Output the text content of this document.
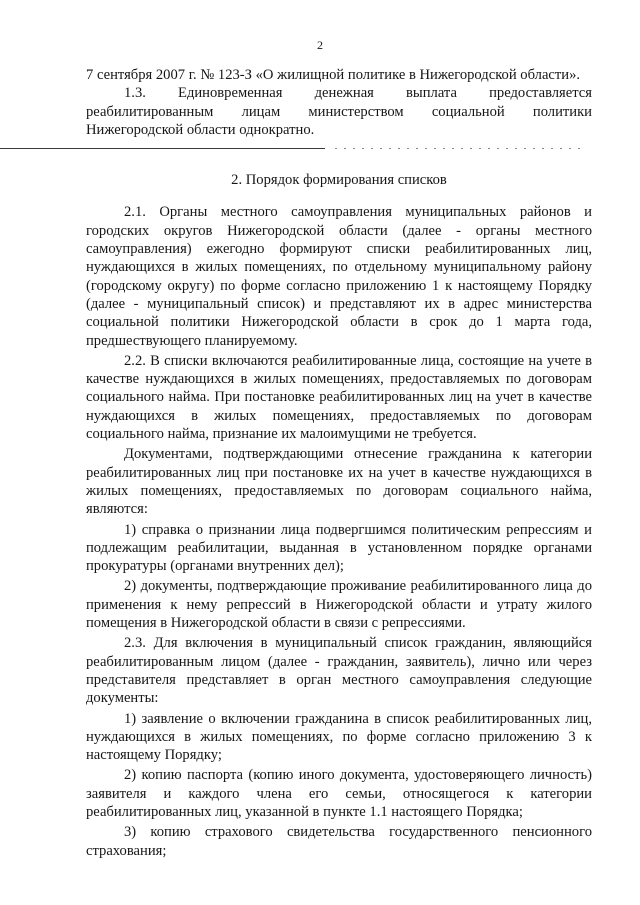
2

7 сентября 2007 г. № 123-З «О жилищной политике в Нижегородской области».

1.3. Единовременная денежная выплата предоставляется реабилитированным лицам министерством социальной политики Нижегородской области однократно.

2. Порядок формирования списков

2.1. Органы местного самоуправления муниципальных районов и городских округов Нижегородской области (далее - органы местного самоуправления) ежегодно формируют списки реабилитированных лиц, нуждающихся в жилых помещениях, по отдельному муниципальному району (городскому округу) по форме согласно приложению 1 к настоящему Порядку (далее - муниципальный список) и представляют их в адрес министерства социальной политики Нижегородской области в срок до 1 марта года, предшествующего планируемому.

2.2. В списки включаются реабилитированные лица, состоящие на учете в качестве нуждающихся в жилых помещениях, предоставляемых по договорам социального найма. При постановке реабилитированных лиц на учет в качестве нуждающихся в жилых помещениях, предоставляемых по договорам социального найма, признание их малоимущими не требуется.

Документами, подтверждающими отнесение гражданина к категории реабилитированных лиц при постановке их на учет в качестве нуждающихся в жилых помещениях, предоставляемых по договорам социального найма, являются:

1) справка о признании лица подвергшимся политическим репрессиям и подлежащим реабилитации, выданная в установленном порядке органами прокуратуры (органами внутренних дел);

2) документы, подтверждающие проживание реабилитированного лица до применения к нему репрессий в Нижегородской области и утрату жилого помещения в Нижегородской области в связи с репрессиями.

2.3. Для включения в муниципальный список гражданин, являющийся реабилитированным лицом (далее - гражданин, заявитель), лично или через представителя представляет в орган местного самоуправления следующие документы:

1) заявление о включении гражданина в список реабилитированных лиц, нуждающихся в жилых помещениях, по форме согласно приложению 3 к настоящему Порядку;

2) копию паспорта (копию иного документа, удостоверяющего личность) заявителя и каждого члена его семьи, относящегося к категории реабилитированных лиц, указанной в пункте 1.1 настоящего Порядка;

3) копию страхового свидетельства государственного пенсионного страхования;
